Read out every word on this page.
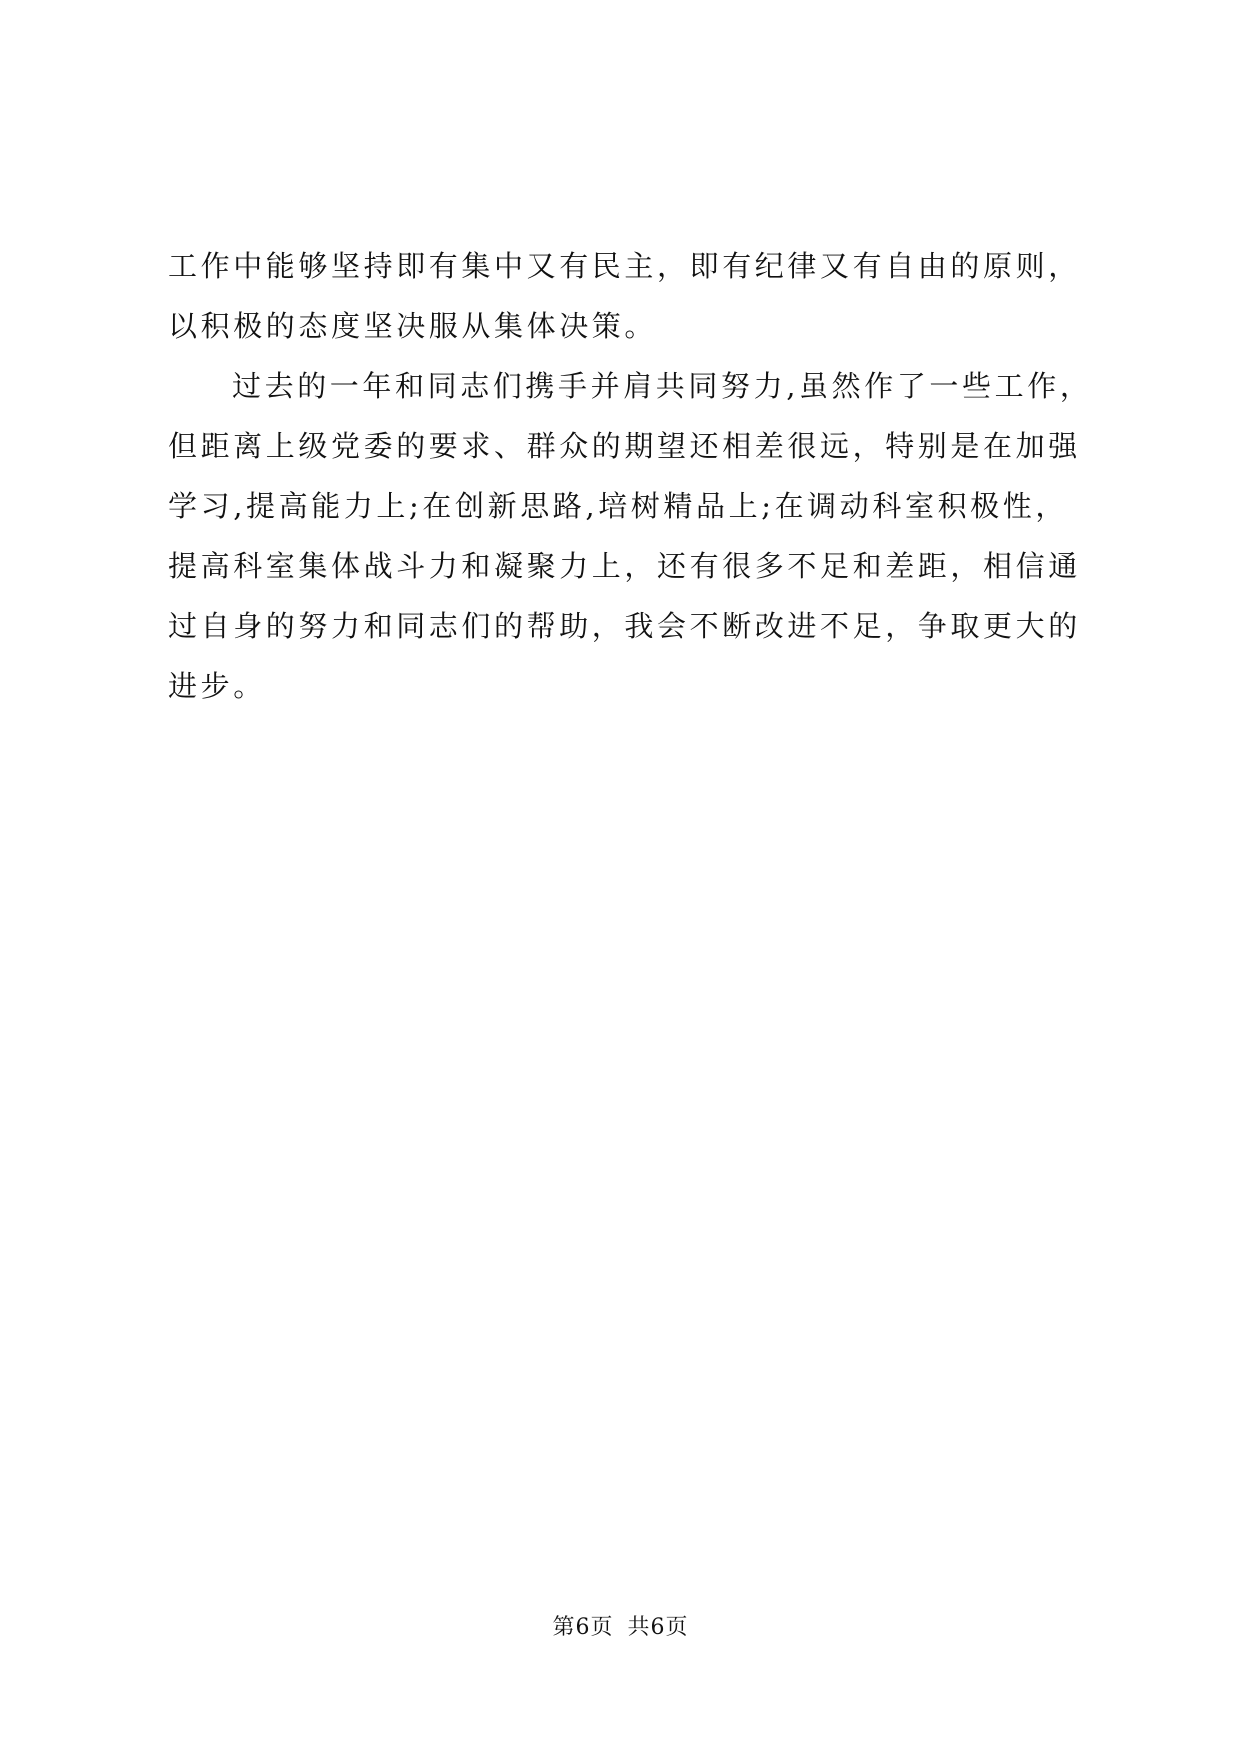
工作中能够坚持即有集中又有民主，即有纪律又有自由的原则，
以积极的态度坚决服从集体决策。
过去的一年和同志们携手并肩共同努力,虽然作了一些工作，
但距离上级党委的要求、群众的期望还相差很远，特别是在加强
学习,提高能力上;在创新思路,培树精品上;在调动科室积极性，
提高科室集体战斗力和凝聚力上，还有很多不足和差距，相信通
过自身的努力和同志们的帮助，我会不断改进不足，争取更大的
进步。
第6页 共6页
